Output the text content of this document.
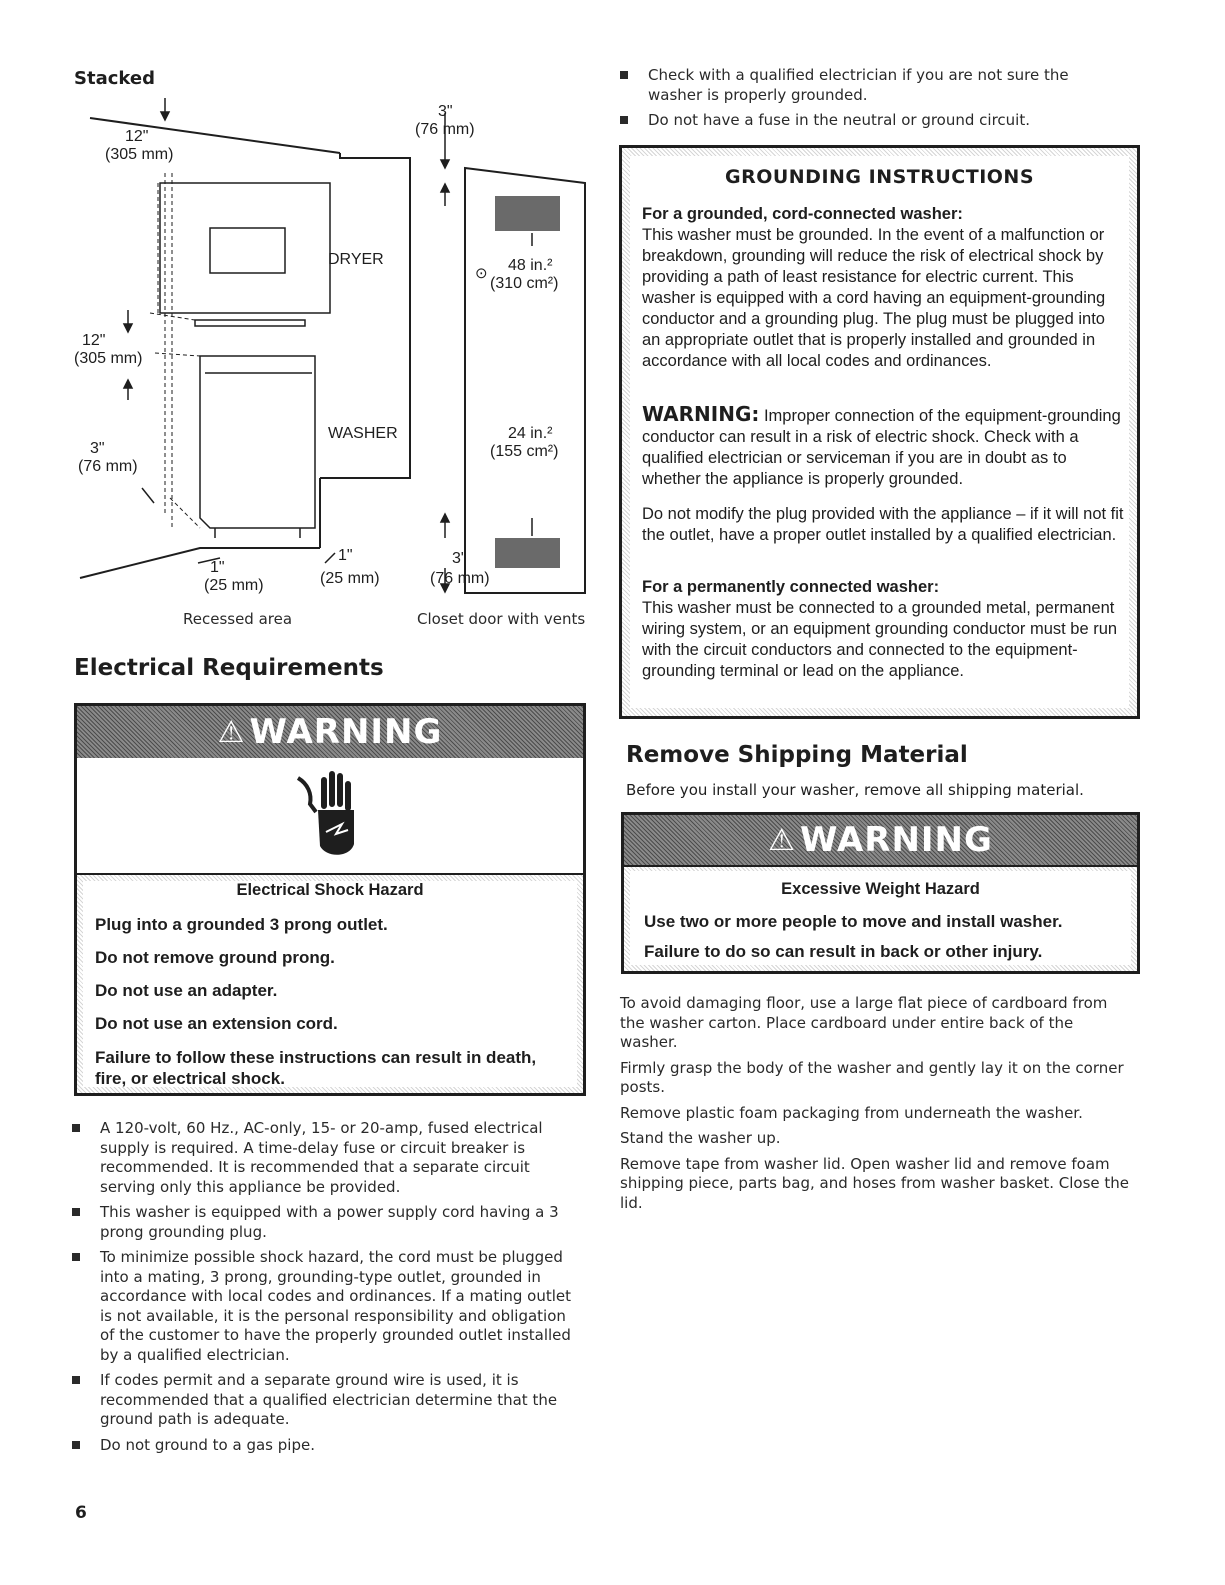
Stacked
⊙
12"
(305 mm)
12"
(305 mm)
3"
(76 mm)
DRYER
WASHER
1"
(25 mm)
1"
(25 mm)
3"
(76 mm)
48 in.²
(310 cm²)
24 in.²
(155 cm²)
3"
(76 mm)
Recessed area	Closet door with vents
Electrical Requirements
⚠ WARNING
Electrical Shock Hazard
Plug into a grounded 3 prong outlet.
Do not remove ground prong.
Do not use an adapter.
Do not use an extension cord.
Failure to follow these instructions can result in death, fire, or electrical shock.
A 120-volt, 60 Hz., AC-only, 15- or 20-amp, fused electrical supply is required. A time-delay fuse or circuit breaker is recommended. It is recommended that a separate circuit serving only this appliance be provided.
This washer is equipped with a power supply cord having a 3 prong grounding plug.
To minimize possible shock hazard, the cord must be plugged into a mating, 3 prong, grounding-type outlet, grounded in accordance with local codes and ordinances. If a mating outlet is not available, it is the personal responsibility and obligation of the customer to have the properly grounded outlet installed by a qualified electrician.
If codes permit and a separate ground wire is used, it is recommended that a qualified electrician determine that the ground path is adequate.
Do not ground to a gas pipe.
Check with a qualified electrician if you are not sure the washer is properly grounded.
Do not have a fuse in the neutral or ground circuit.
GROUNDING INSTRUCTIONS
For a grounded, cord-connected washer:
This washer must be grounded. In the event of a malfunction or breakdown, grounding will reduce the risk of electrical shock by providing a path of least resistance for electric current. This washer is equipped with a cord having an equipment-grounding conductor and a grounding plug. The plug must be plugged into an appropriate outlet that is properly installed and grounded in accordance with all local codes and ordinances.
WARNING: Improper connection of the equipment-grounding conductor can result in a risk of electric shock. Check with a qualified electrician or serviceman if you are in doubt as to whether the appliance is properly grounded.
Do not modify the plug provided with the appliance – if it will not fit the outlet, have a proper outlet installed by a qualified electrician.
For a permanently connected washer:
This washer must be connected to a grounded metal, permanent wiring system, or an equipment grounding conductor must be run with the circuit conductors and connected to the equipment-grounding terminal or lead on the appliance.
Remove Shipping Material
Before you install your washer, remove all shipping material.
⚠ WARNING
Excessive Weight Hazard
Use two or more people to move and install washer.
Failure to do so can result in back or other injury.

To avoid damaging floor, use a large flat piece of cardboard from the washer carton. Place cardboard under entire back of the washer.

Firmly grasp the body of the washer and gently lay it on the corner posts.

Remove plastic foam packaging from underneath the washer.

Stand the washer up.

Remove tape from washer lid. Open washer lid and remove foam shipping piece, parts bag, and hoses from washer basket. Close the lid.

6
